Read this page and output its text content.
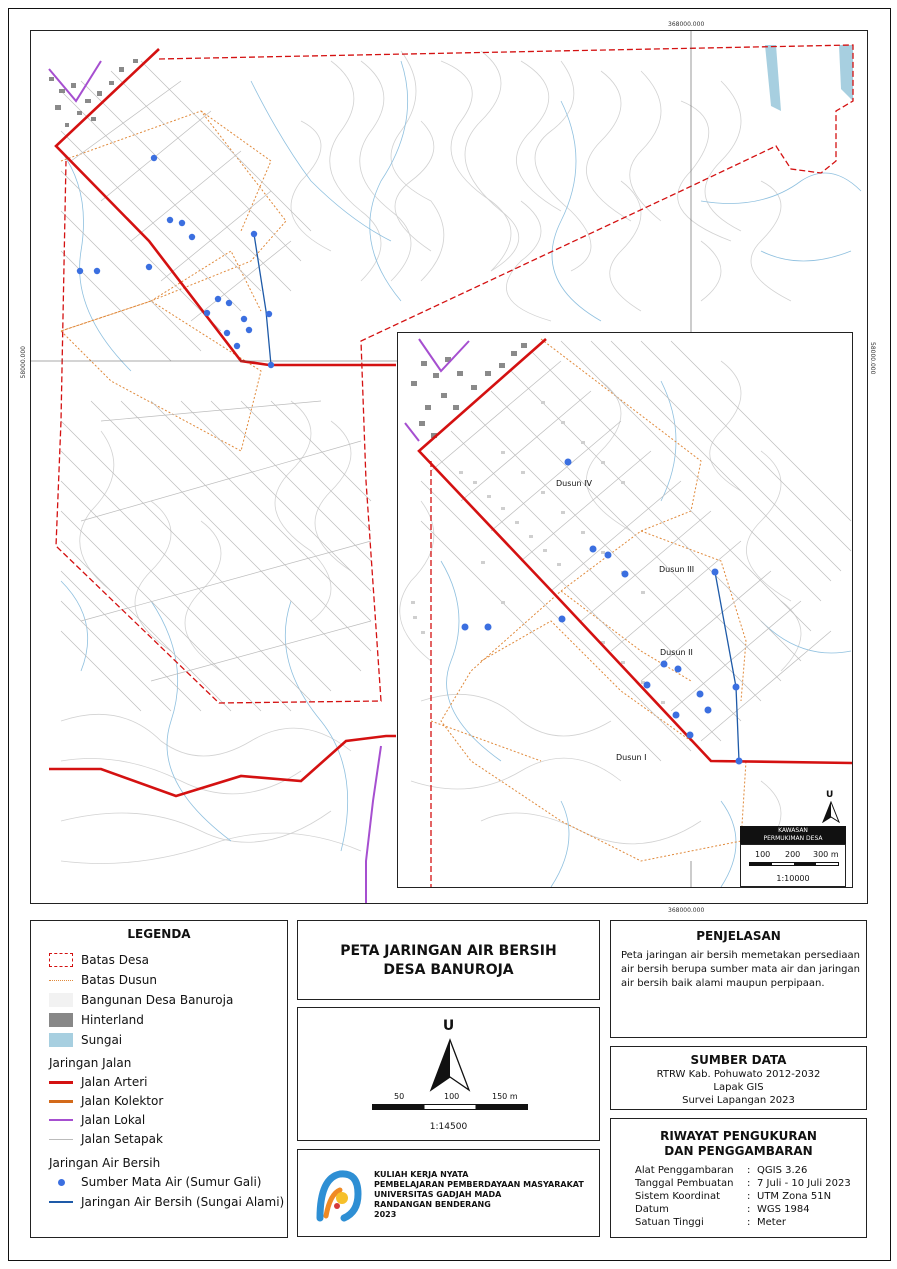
368000.000
368000.000
58000.000	58000.000
Dusun IV
Dusun III
Dusun II
Dusun I
U
KAWASAN
PERMUKIMAN DESA
100 200 300 m
1:10000
LEGENDA
Batas Desa
Batas Dusun
Bangunan Desa Banuroja
Hinterland
Sungai
Jaringan Jalan
Jalan Arteri
Jalan Kolektor
Jalan Lokal
Jalan Setapak
Jaringan Air Bersih
Sumber Mata Air (Sumur Gali)
Jaringan Air Bersih (Sungai Alami)
PETA JARINGAN AIR BERSIH
DESA BANUROJA
U
50	100	150 m
1:14500
KULIAH KERJA NYATA
PEMBELAJARAN PEMBERDAYAAN MASYARAKAT
UNIVERSITAS GADJAH MADA
RANDANGAN BENDERANG
2023
PENJELASAN
Peta jaringan air bersih memetakan persediaan air bersih berupa sumber mata air dan jaringan air bersih baik alami maupun perpipaan.
SUMBER DATA
RTRW Kab. Pohuwato 2012-2032
Lapak GIS
Survei Lapangan 2023
RIWAYAT PENGUKURAN
DAN PENGGAMBARAN
Alat Penggambaran	: QGIS 3.26
Tanggal Pembuatan	: 7 Juli - 10 Juli 2023
Sistem Koordinat	: UTM Zona 51N
Datum	: WGS 1984
Satuan Tinggi	: Meter
